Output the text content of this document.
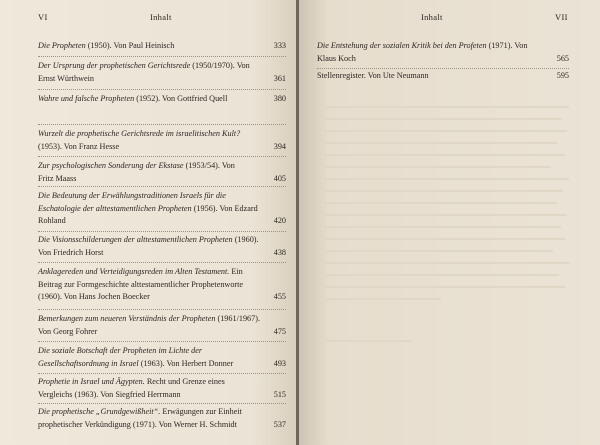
VI	Inhalt
Die Propheten (1950). Von Paul Heinisch	333
Der Ursprung der prophetischen Gerichtsrede (1950/1970). Von Ernst Würthwein	361
Wahre und falsche Propheten (1952). Von Gottfried Quell	380
Wurzelt die prophetische Gerichtsrede im israelitischen Kult? (1953). Von Franz Hesse	394
Zur psychologischen Sonderung der Ekstase (1953/54). Von Fritz Maass	405
Die Bedeutung der Erwählungstraditionen Israels für die Eschatologie der alttestamentlichen Propheten (1956). Von Edzard Rohland	420
Die Visionsschilderungen der alttestamentlichen Propheten (1960). Von Friedrich Horst	438
Anklagereden und Verteidigungsreden im Alten Testament. Ein Beitrag zur Formgeschichte alttestamentlicher Prophetenworte (1960). Von Hans Jochen Boecker	455
Bemerkungen zum neueren Verständnis der Propheten (1961/1967). Von Georg Fohrer	475
Die soziale Botschaft der Propheten im Lichte der Gesellschaftsordnung in Israel (1963). Von Herbert Donner	493
Prophetie in Israel und Ägypten. Recht und Grenze eines Vergleichs (1963). Von Siegfried Herrmann	515
Die prophetische „Grundgewißheit“. Erwägungen zur Einheit prophetischer Verkündigung (1971). Von Werner H. Schmidt	537
Inhalt	VII
Die Entstehung der sozialen Kritik bei den Profeten (1971). Von Klaus Koch	565
Stellenregister. Von Ute Neumann	595
